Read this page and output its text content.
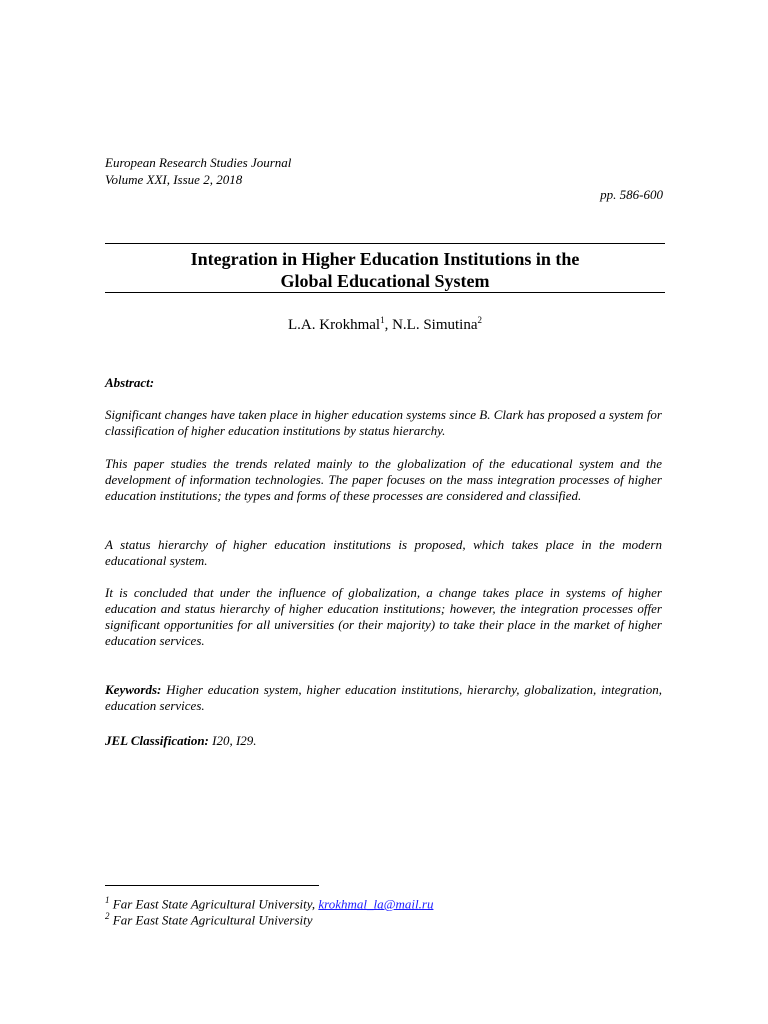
European Research Studies Journal
Volume XXI, Issue 2, 2018
pp. 586-600
Integration in Higher Education Institutions in the
Global Educational System
L.A. Krokhmal$^1$, N.L. Simutina$^2$
Abstract:
Significant changes have taken place in higher education systems since B. Clark has proposed a system for classification of higher education institutions by status hierarchy.
This paper studies the trends related mainly to the globalization of the educational system and the development of information technologies. The paper focuses on the mass integration processes of higher education institutions; the types and forms of these processes are considered and classified.
A status hierarchy of higher education institutions is proposed, which takes place in the modern educational system.
It is concluded that under the influence of globalization, a change takes place in systems of higher education and status hierarchy of higher education institutions; however, the integration processes offer significant opportunities for all universities (or their majority) to take their place in the market of higher education services.
Keywords: Higher education system, higher education institutions, hierarchy, globalization, integration, education services.
JEL Classification: I20, I29.
$^1$ Far East State Agricultural University, krokhmal_la@mail.ru
$^2$ Far East State Agricultural University
